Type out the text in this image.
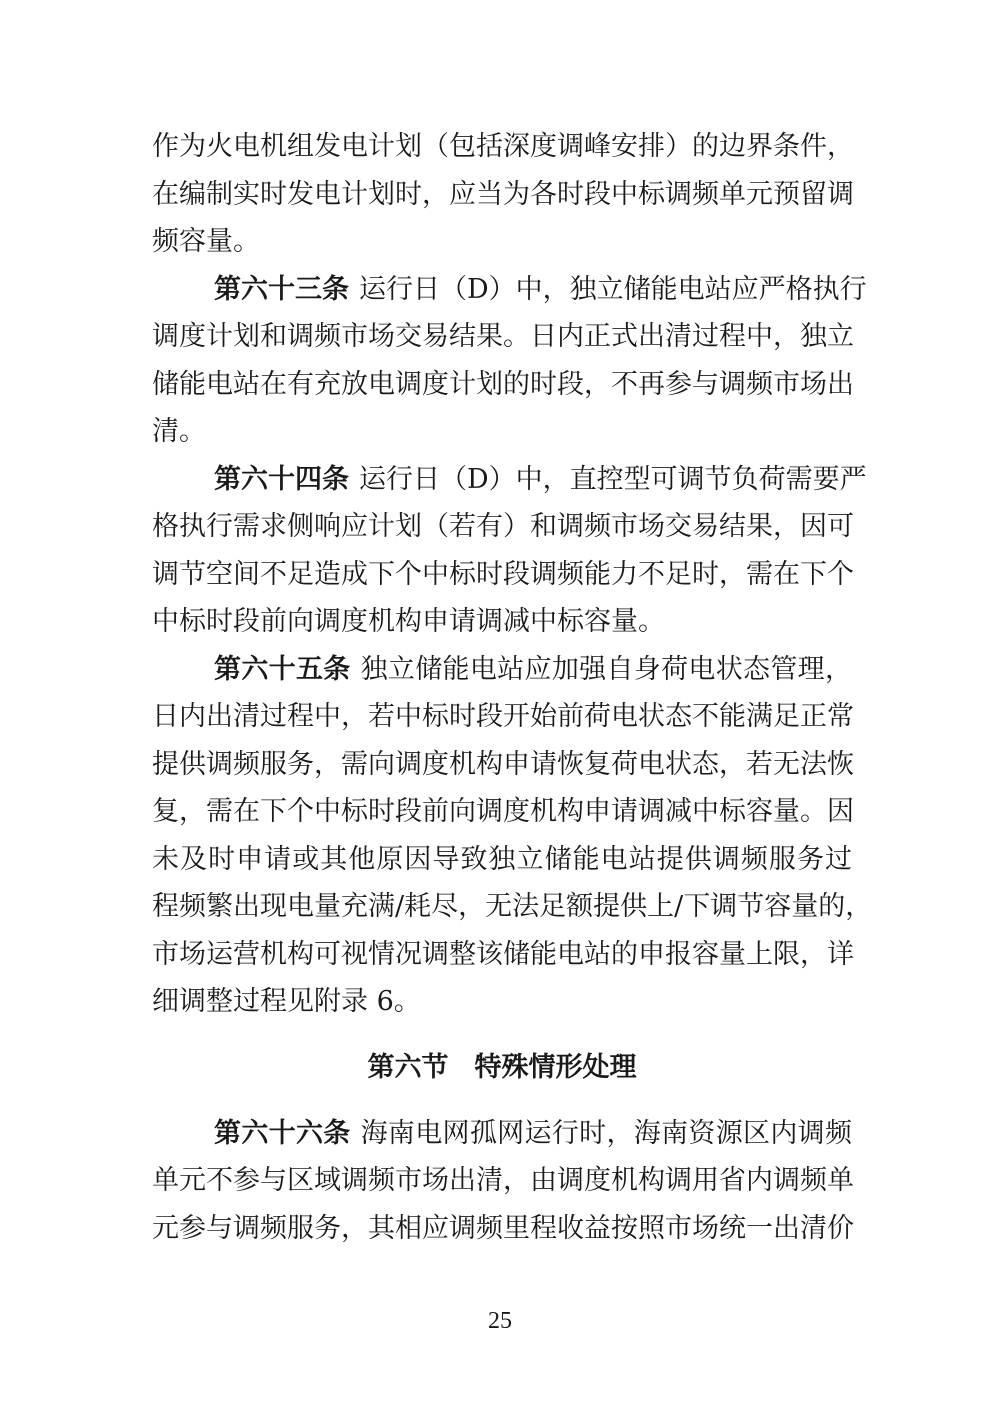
作为火电机组发电计划（包括深度调峰安排）的边界条件，
在编制实时发电计划时，应当为各时段中标调频单元预留调
频容量。
第六十三条 运行日（D）中，独立储能电站应严格执行
调度计划和调频市场交易结果。日内正式出清过程中，独立
储能电站在有充放电调度计划的时段，不再参与调频市场出
清。
第六十四条 运行日（D）中，直控型可调节负荷需要严
格执行需求侧响应计划（若有）和调频市场交易结果，因可
调节空间不足造成下个中标时段调频能力不足时，需在下个
中标时段前向调度机构申请调减中标容量。
第六十五条 独立储能电站应加强自身荷电状态管理，
日内出清过程中，若中标时段开始前荷电状态不能满足正常
提供调频服务，需向调度机构申请恢复荷电状态，若无法恢
复，需在下个中标时段前向调度机构申请调减中标容量。因
未及时申请或其他原因导致独立储能电站提供调频服务过
程频繁出现电量充满/耗尽，无法足额提供上/下调节容量的，
市场运营机构可视情况调整该储能电站的申报容量上限，详
细调整过程见附录 6。
第六节 特殊情形处理
第六十六条 海南电网孤网运行时，海南资源区内调频
单元不参与区域调频市场出清，由调度机构调用省内调频单
元参与调频服务，其相应调频里程收益按照市场统一出清价
25
